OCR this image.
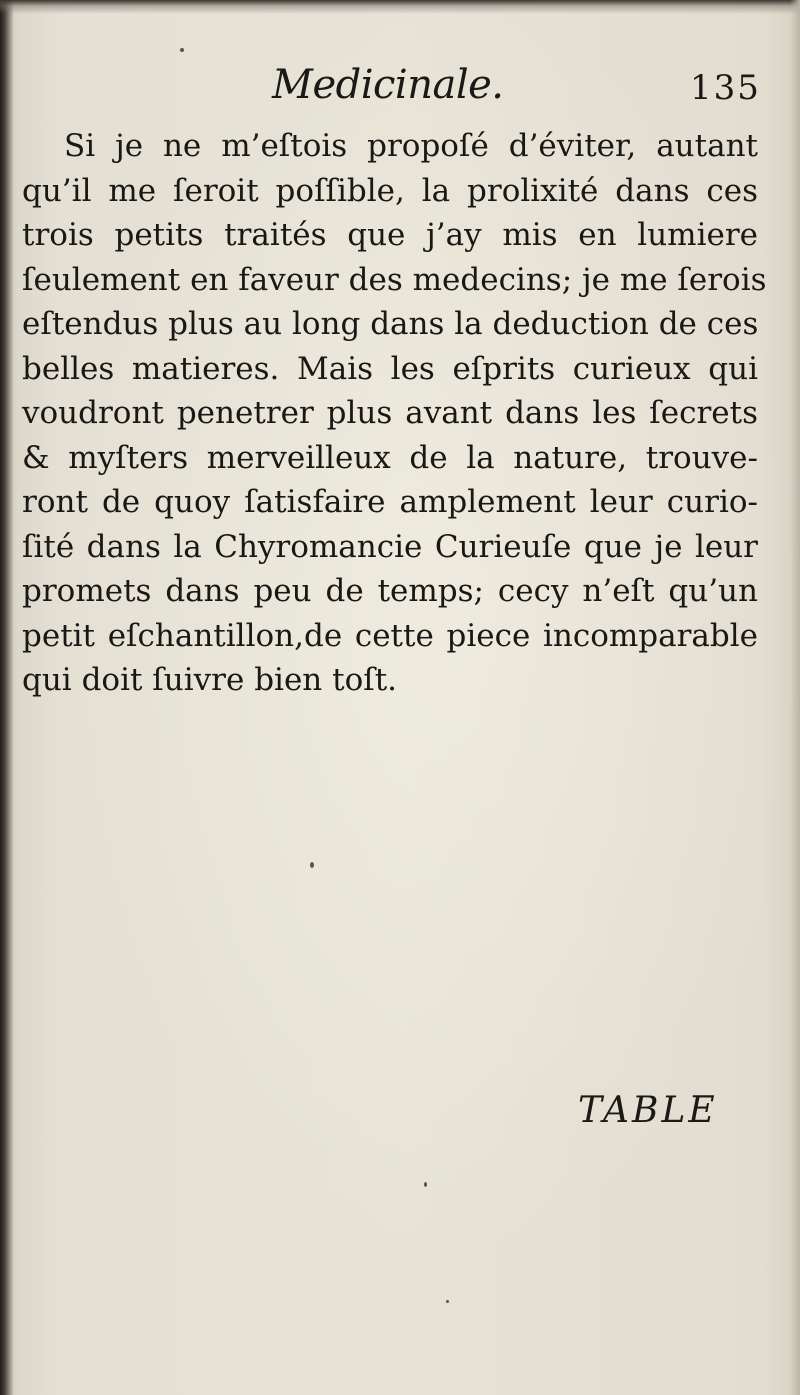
Medicinale.	135
Si je ne m’eſtois propoſé d’éviter, autant
qu’il me ſeroit poſſible, la prolixité dans ces
trois petits traités que j’ay mis en lumiere
ſeulement en faveur des medecins; je me ſerois
eſtendus plus au long dans la deduction de ces
belles matieres. Mais les eſprits curieux qui
voudront penetrer plus avant dans les ſecrets
& myſters merveilleux de la nature, trouve-
ront de quoy ſatisfaire amplement leur curio-
ſité dans la Chyromancie Curieuſe que je leur
promets dans peu de temps; cecy n’eſt qu’un
petit eſchantillon,de cette piece incomparable
qui doit ſuivre bien toſt.
TABLE
